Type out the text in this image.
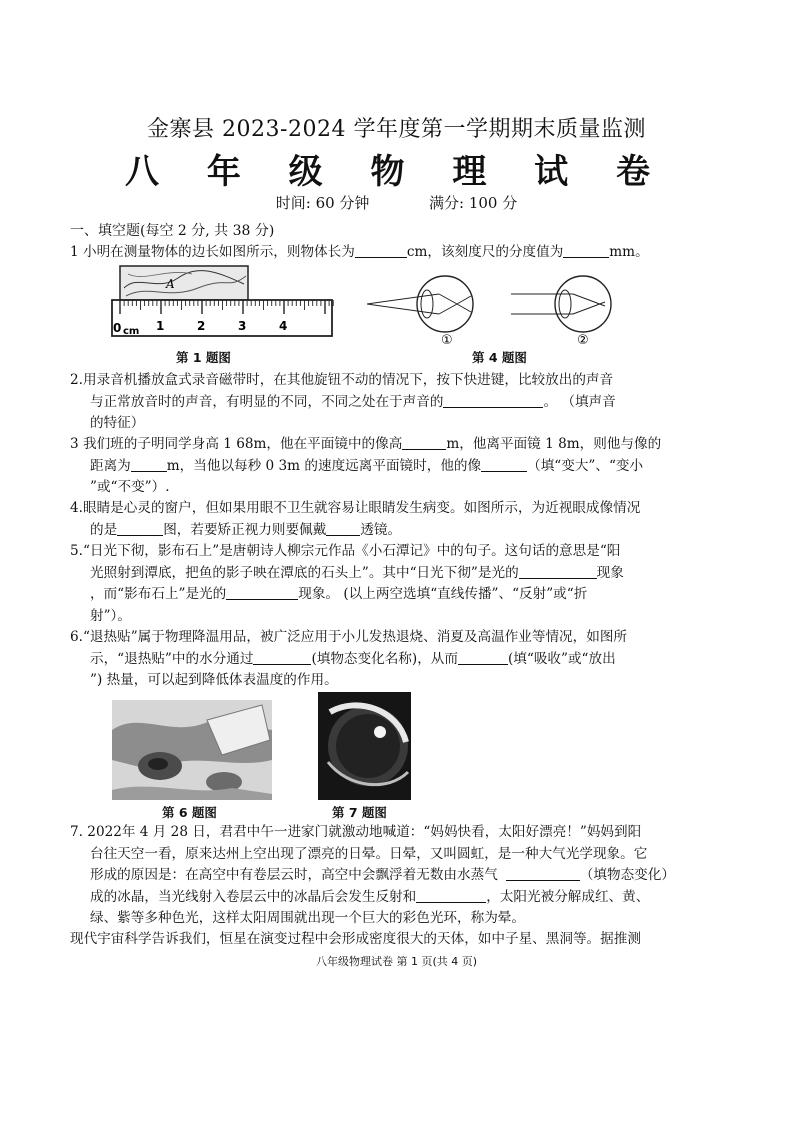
金寨县 2023-2024 学年度第一学期期末质量监测
八 年 级 物 理 试 卷
时间: 60 分钟	满分: 100 分
一、填空题(每空 2 分, 共 38 分)
1 小明在测量物体的边长如图所示，则物体长为	cm，该刻度尺的分度值为	mm。
A
0 cm 1	2	3	4
第 1 题图
①	②
第 4 题图
2.用录音机播放盒式录音磁带时，在其他旋钮不动的情况下，按下快进键，比较放出的声音
与正常放音时的声音，有明显的不同，不同之处在于声音的	。 （填声音
的特征）
3 我们班的子明同学身高 1 68m，他在平面镜中的像高	m，他离平面镜 1 8m，则他与像的
距离为	m，当他以每秒 0 3m 的速度远离平面镜时，他的像	（填“变大”、“变小
”或“不变”）.
4.眼睛是心灵的窗户，但如果用眼不卫生就容易让眼睛发生病变。如图所示，为近视眼成像情况
的是	图，若要矫正视力则要佩戴	透镜。
5.“日光下彻，影布石上”是唐朝诗人柳宗元作品《小石潭记》中的句子。这句话的意思是“阳
光照射到潭底，把鱼的影子映在潭底的石头上”。其中“日光下彻”是光的	现象
，而“影布石上”是光的	现象。 (以上两空选填“直线传播”、“反射”或“折
射”）。
6.“退热贴”属于物理降温用品，被广泛应用于小儿发热退烧、消夏及高温作业等情况，如图所
示，“退热贴”中的水分通过	(填物态变化名称)，从而	(填“吸收”或“放出
”) 热量，可以起到降低体表温度的作用。
第 6 题图	第 7 题图
7. 2022年 4 月 28 日，君君中午一进家门就激动地喊道：“妈妈快看，太阳好漂亮！”妈妈到阳
台往天空一看，原来达州上空出现了漂亮的日晕。日晕，又叫圆虹，是一种大气光学现象。它
形成的原因是：在高空中有卷层云时，高空中会飘浮着无数由水蒸气	（填物态变化）
成的冰晶，当光线射入卷层云中的冰晶后会发生反射和	，太阳光被分解成红、黄、
绿、紫等多种色光，这样太阳周围就出现一个巨大的彩色光环，称为晕。
现代宇宙科学告诉我们，恒星在演变过程中会形成密度很大的天体，如中子星、黑洞等。据推测
八年级物理试卷 第 1 页(共 4 页)
